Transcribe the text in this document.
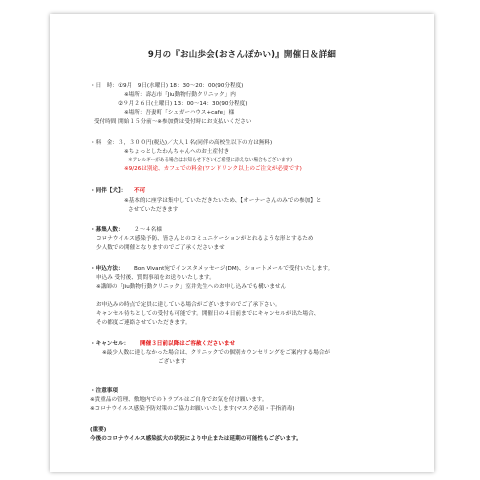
9月の『お山歩会(おさんぽかい)』開催日＆詳細
・日　時： ①9月　9日(水曜日) 18：30～20：00(90分程度)
※場所：壽志市「Jiu動物行動クリニック」内
②９月２６日(土曜日) 13：00～14：30(90分程度)
※場所：吾妻町「シュガーハウス+cafe」様
受付時間 開始１５分前～※参加費は受付時にお支払いください
・料　金： ３，３００円(税込)／大人１名(同伴の高校生以下の方は無料)
※ちょっとしたわんちゃんへのお土産付き
＊アレルギーがある場合はお知らせ下さい(ご希望に添えない場合もございます)
※9/26は別途、カフェでの料金(ワンドリンク以上のご注文が必要です)
・同伴【犬】： 不可
※基本的に座学は集中していただきたいため、【オーナーさんのみでの参加】と
させていただきます
・募集人数： ２～４名様
コロナウイルス感染予防、皆さんとのコミュニケーションがとれるような形とするため
少人数での開催となりますのでご了承くださいませ
・申込方法： Bon Vivant宛でインスタメッセージ(DM)、ショートメールで受付いたします。
申込み 受付後、質問事項をお送りいたします。
※講師の「Jiu動物行動クリニック」室井先生へのお申し込みでも構いません
お申込みの時点で定員に達している場合がございますのでご了承下さい。
キャンセル待ちとしての受付も可能です。開催日の４日前までにキャンセルが出た場合、
その都度ご連絡させていただきます。
・キャンセル： 開催３日前以降はご容赦くださいませ
※最少人数に達しなかった場合は、クリニックでの個別カウンセリングをご案内する場合が
ございます
・注意事項
※貴重品の管理、敷地内でのトラブルはご自身でお気を付け願います。
※コロナウイルス感染予防対策のご協力お願いいたします(マスク必須・手指消毒)
(重要)
今後のコロナウイルス感染拡大の状況により中止または延期の可能性もございます。
